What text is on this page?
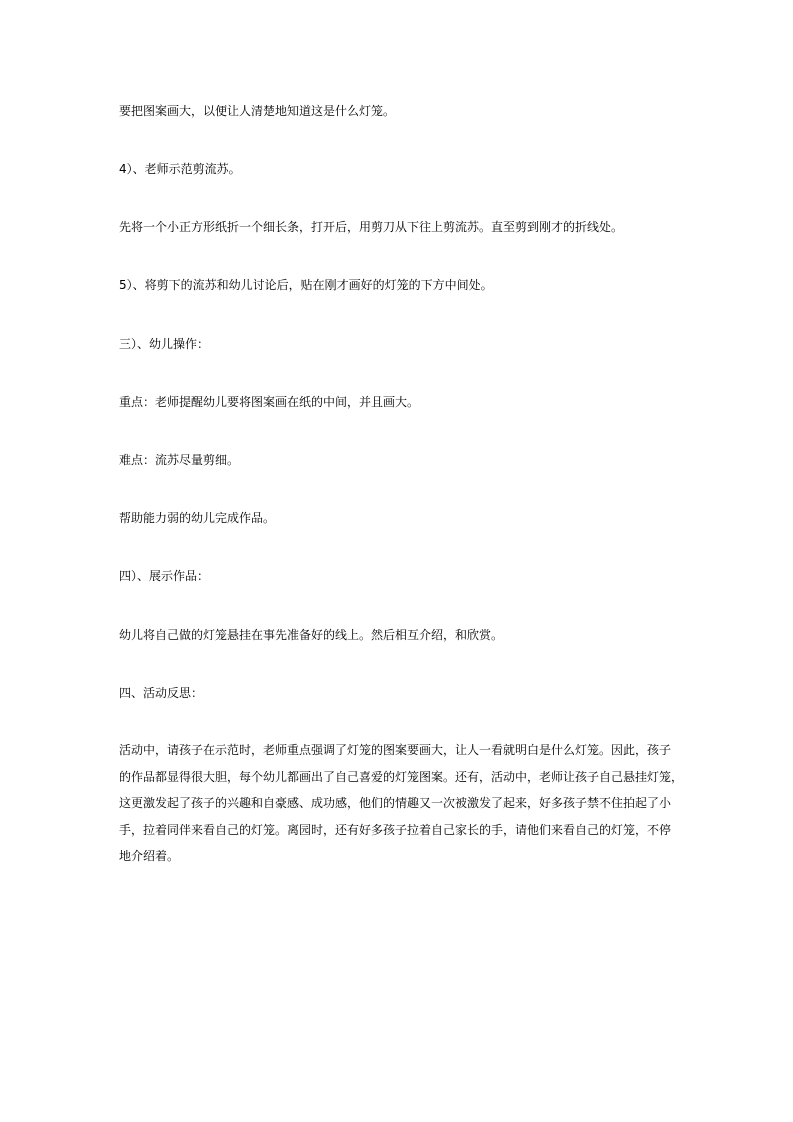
要把图案画大，以便让人清楚地知道这是什么灯笼。

4）、老师示范剪流苏。

先将一个小正方形纸折一个细长条，打开后，用剪刀从下往上剪流苏。直至剪到刚才的折线处。

5）、将剪下的流苏和幼儿讨论后，贴在刚才画好的灯笼的下方中间处。

三）、幼儿操作：

重点：老师提醒幼儿要将图案画在纸的中间，并且画大。

难点：流苏尽量剪细。

帮助能力弱的幼儿完成作品。

四）、展示作品：

幼儿将自己做的灯笼悬挂在事先准备好的线上。然后相互介绍，和欣赏。

四、活动反思：

活动中，请孩子在示范时，老师重点强调了灯笼的图案要画大，让人一看就明白是什么灯笼。因此，孩子
的作品都显得很大胆，每个幼儿都画出了自己喜爱的灯笼图案。还有，活动中，老师让孩子自己悬挂灯笼，
这更激发起了孩子的兴趣和自豪感、成功感，他们的情趣又一次被激发了起来，好多孩子禁不住拍起了小
手，拉着同伴来看自己的灯笼。离园时，还有好多孩子拉着自己家长的手，请他们来看自己的灯笼，不停
地介绍着。
